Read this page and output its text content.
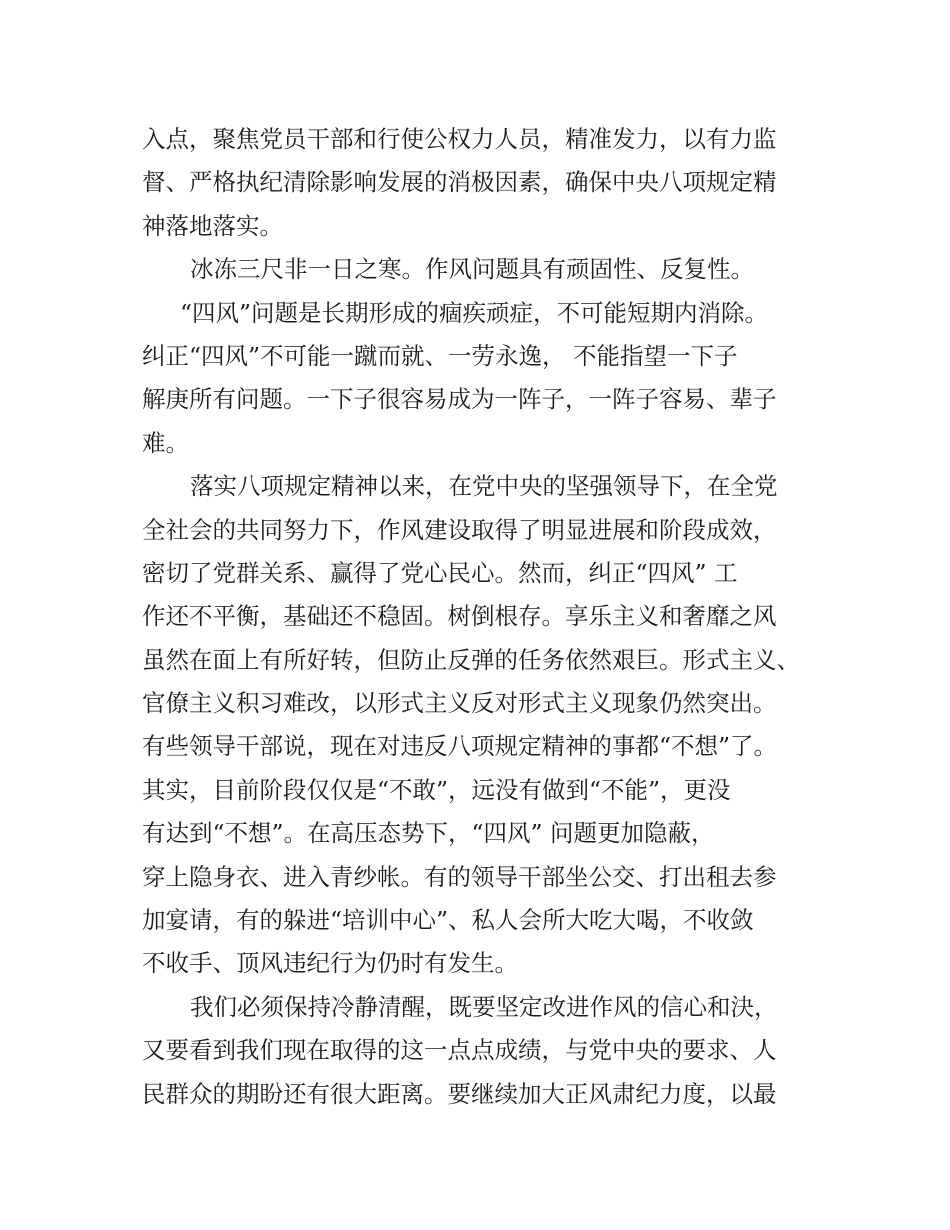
入点，聚焦党员干部和行使公权力人员，精准发力，以有力监
督、严格执纪清除影响发展的消极因素，确保中央八项规定精
神落地落实。
冰冻三尺非一日之寒。作风问题具有顽固性、反复性。
“四风”问题是长期形成的痼疾顽症，不可能短期内消除。
纠正“四风”不可能一蹴而就、一劳永逸， 不能指望一下子
解庚所有问题。一下子很容易成为一阵子，一阵子容易、辈子
难。
落实八项规定精神以来，在党中央的坚强领导下，在全党
全社会的共同努力下，作风建设取得了明显进展和阶段成效，
密切了党群关系、赢得了党心民心。然而，纠正“四风” 工
作还不平衡，基础还不稳固。树倒根存。享乐主义和奢靡之风
虽然在面上有所好转，但防止反弹的任务依然艰巨。形式主义、
官僚主义积习难改，以形式主义反对形式主义现象仍然突出。
有些领导干部说，现在对违反八项规定精神的事都“不想”了。
其实，目前阶段仅仅是“不敢”，远没有做到“不能”，更没
有达到“不想”。在高压态势下，“四风” 问题更加隐蔽，
穿上隐身衣、进入青纱帐。有的领导干部坐公交、打出租去参
加宴请，有的躲进“培训中心”、私人会所大吃大喝，不收敛
不收手、顶风违纪行为仍时有发生。
我们必须保持冷静清醒，既要坚定改进作风的信心和決，
又要看到我们现在取得的这一点点成绩，与党中央的要求、人
民群众的期盼还有很大距离。要继续加大正风肃纪力度，以最
